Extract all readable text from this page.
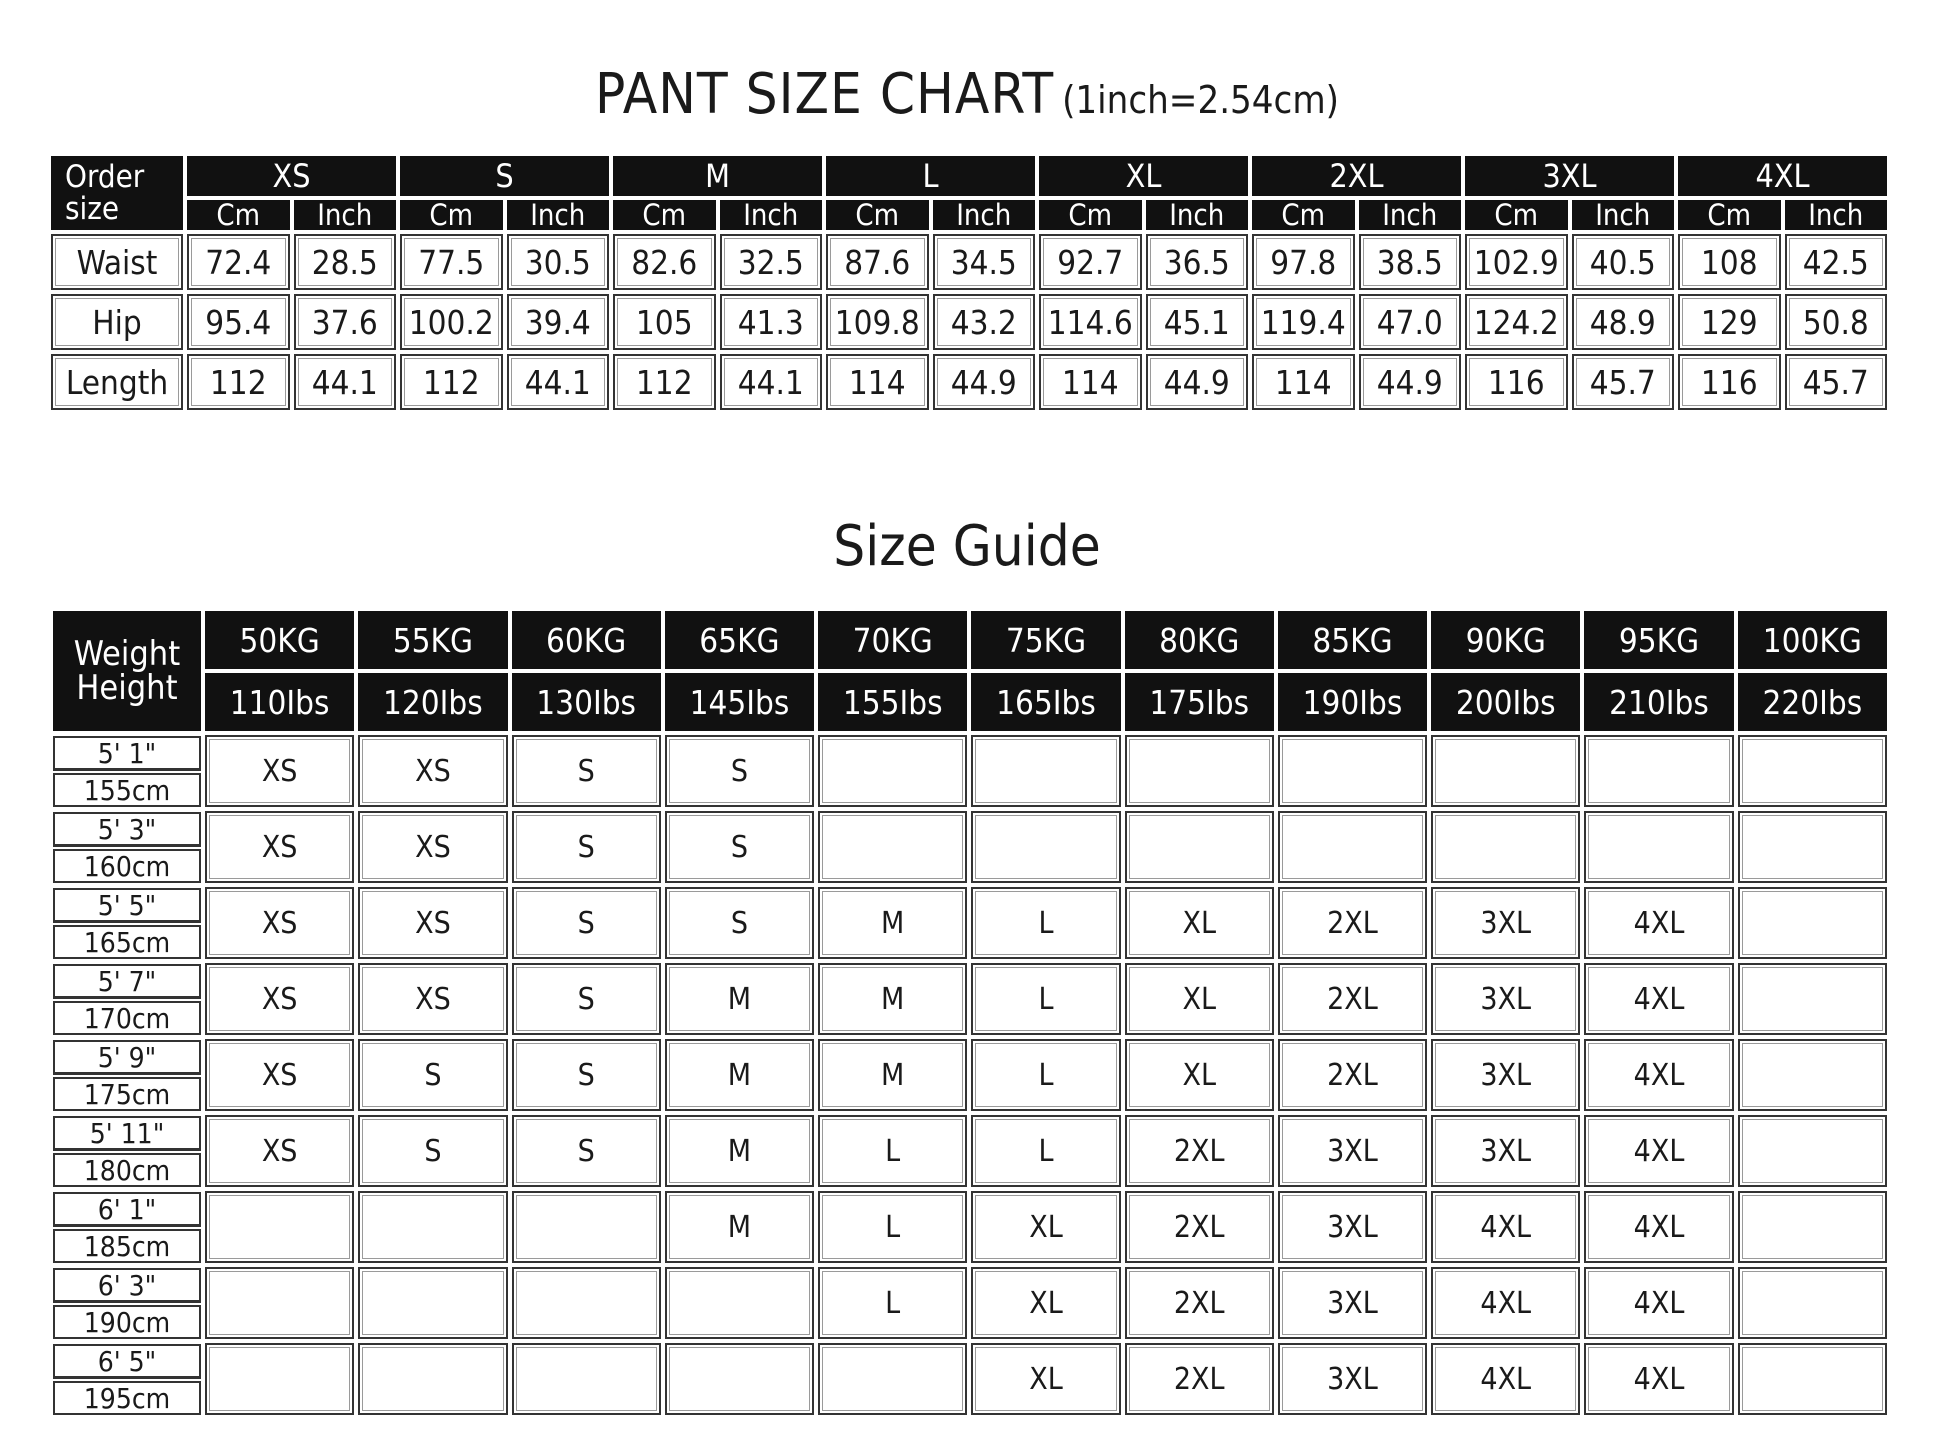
PANT SIZE CHART (1inch=2.54cm)
Order
size	XS		S		M		L		XL		2XL		3XL		4XL	
	Cm	Inch	Cm	Inch	Cm	Inch	Cm	Inch	Cm	Inch	Cm	Inch	Cm	Inch	Cm	Inch
Waist	72.4	28.5	77.5	30.5	82.6	32.5	87.6	34.5	92.7	36.5	97.8	38.5	102.9	40.5	108	42.5
Hip	95.4	37.6	100.2	39.4	105	41.3	109.8	43.2	114.6	45.1	119.4	47.0	124.2	48.9	129	50.8
Length	112	44.1	112	44.1	112	44.1	114	44.9	114	44.9	114	44.9	116	45.7	116	45.7
Size Guide
Weight
Height	50KG	55KG	60KG	65KG	70KG	75KG	80KG	85KG	90KG	95KG	100KG
	110Ibs	120Ibs	130Ibs	145Ibs	155Ibs	165Ibs	175Ibs	190Ibs	200Ibs	210Ibs	220Ibs

5' 1"
155cm	XS	XS	S	S							

5' 3"
160cm	XS	XS	S	S							

5' 5"
165cm	XS	XS	S	S	M	L	XL	2XL	3XL	4XL	

5' 7"
170cm	XS	XS	S	M	M	L	XL	2XL	3XL	4XL	

5' 9"
175cm	XS	S	S	M	M	L	XL	2XL	3XL	4XL	

5' 11"
180cm	XS	S	S	M	L	L	2XL	3XL	3XL	4XL	

6' 1"
185cm				M	L	XL	2XL	3XL	4XL	4XL	

6' 3"
190cm					L	XL	2XL	3XL	4XL	4XL	

6' 5"
195cm						XL	2XL	3XL	4XL	4XL	
